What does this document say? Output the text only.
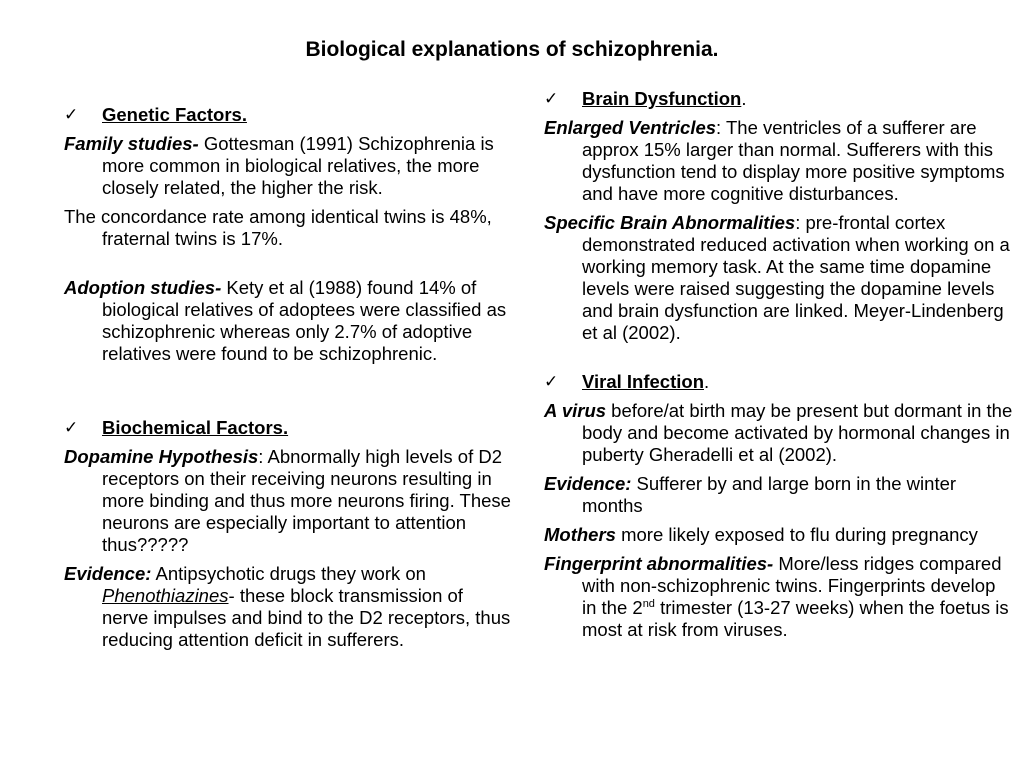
Biological explanations of schizophrenia.
✓ Genetic Factors.
Family studies- Gottesman (1991) Schizophrenia is more common in biological relatives, the more closely related, the higher the risk.
The concordance rate among identical twins is 48%, fraternal twins is 17%.
Adoption studies- Kety et al (1988) found 14% of biological relatives of adoptees were classified as schizophrenic whereas only 2.7% of adoptive relatives were found to be schizophrenic.
✓ Biochemical Factors.
Dopamine Hypothesis: Abnormally high levels of D2 receptors on their receiving neurons resulting in more binding and thus more neurons firing. These neurons are especially important to attention thus?????
Evidence: Antipsychotic drugs they work on Phenothiazines- these block transmission of nerve impulses and bind to the D2 receptors, thus reducing attention deficit in sufferers.
✓ Brain Dysfunction.
Enlarged Ventricles: The ventricles of a sufferer are approx 15% larger than normal. Sufferers with this dysfunction tend to display more positive symptoms and have more cognitive disturbances.
Specific Brain Abnormalities: pre-frontal cortex demonstrated reduced activation when working on a working memory task. At the same time dopamine levels were raised suggesting the dopamine levels and brain dysfunction are linked. Meyer-Lindenberg et al (2002).
✓ Viral Infection.
A virus before/at birth may be present but dormant in the body and become activated by hormonal changes in puberty Gheradelli et al (2002).
Evidence: Sufferer by and large born in the winter months
Mothers more likely exposed to flu during pregnancy
Fingerprint abnormalities- More/less ridges compared with non-schizophrenic twins. Fingerprints develop in the 2nd trimester (13-27 weeks) when the foetus is most at risk from viruses.
